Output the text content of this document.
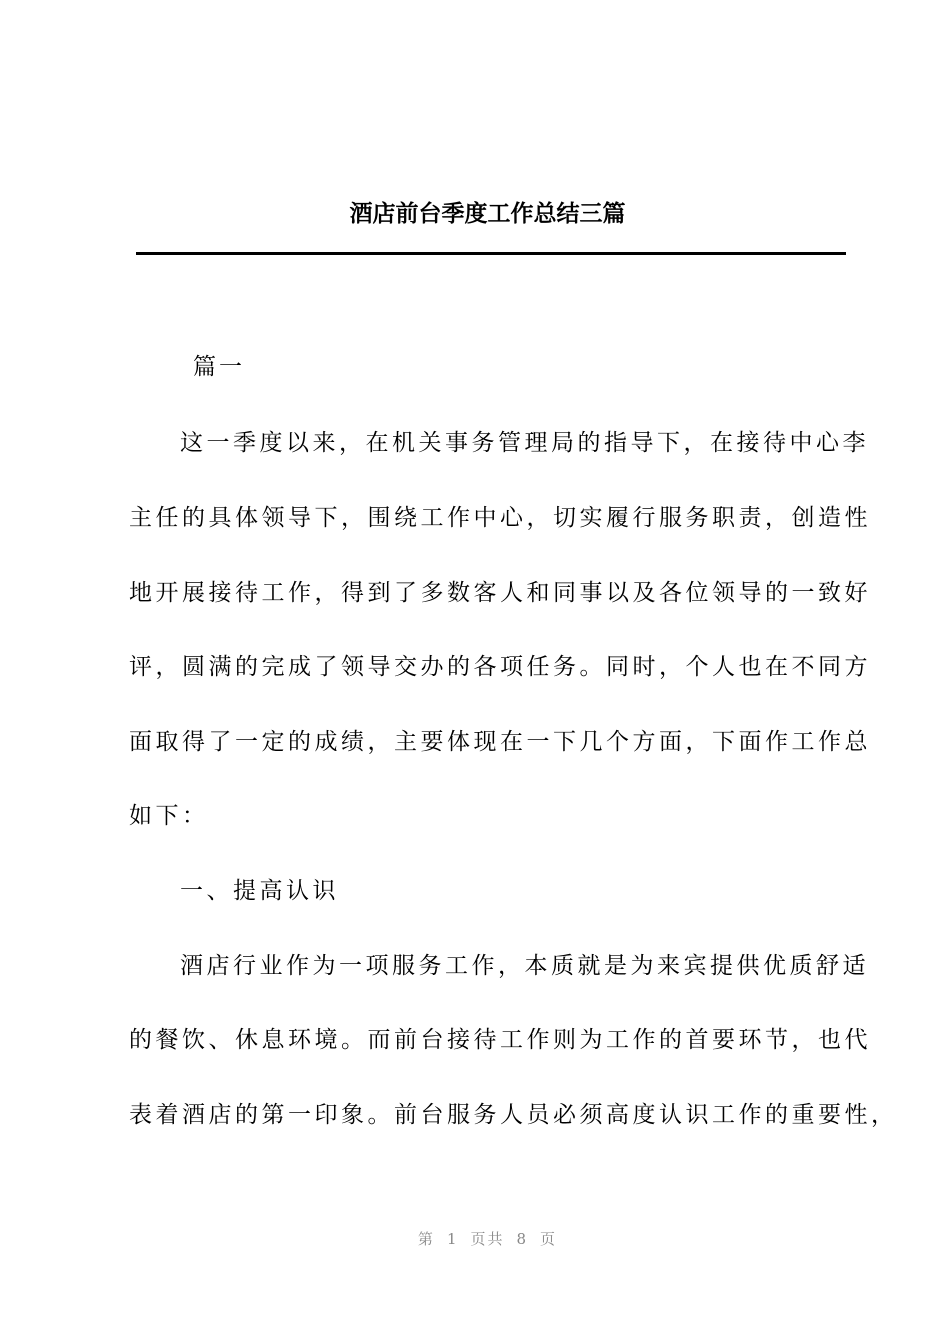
酒店前台季度工作总结三篇
篇一
这一季度以来，在机关事务管理局的指导下，在接待中心李
主任的具体领导下，围绕工作中心，切实履行服务职责，创造性
地开展接待工作，得到了多数客人和同事以及各位领导的一致好
评，圆满的完成了领导交办的各项任务。同时，个人也在不同方
面取得了一定的成绩，主要体现在一下几个方面，下面作工作总
如下：
一、提高认识
酒店行业作为一项服务工作，本质就是为来宾提供优质舒适
的餐饮、休息环境。而前台接待工作则为工作的首要环节，也代
表着酒店的第一印象。前台服务人员必须高度认识工作的重要性，
第 1 页共 8 页
